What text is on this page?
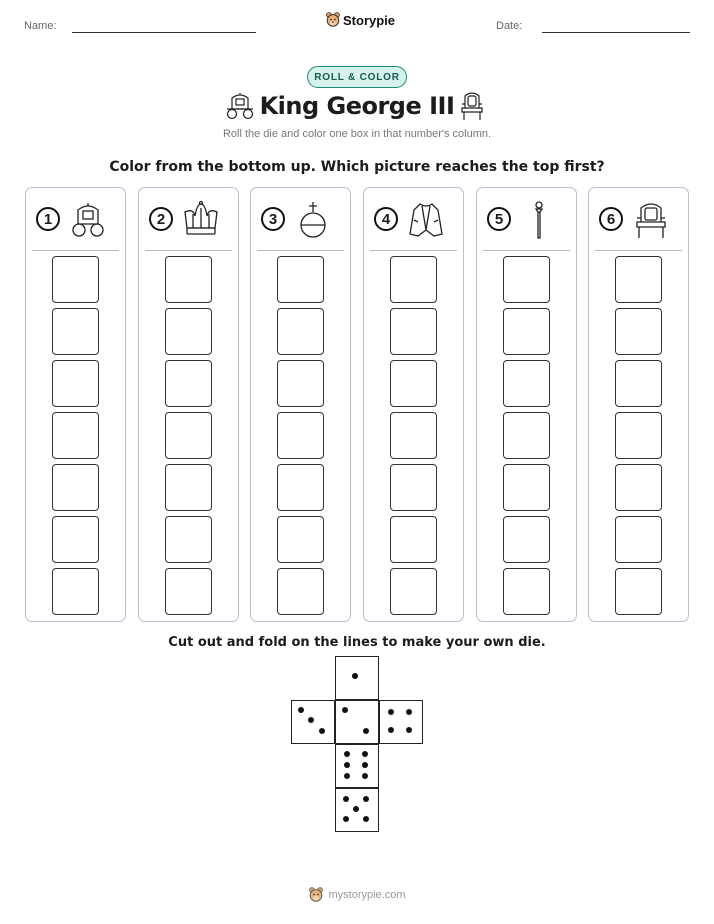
Name:	Storypie	Date:
ROLL & COLOR
King George III
Roll the die and color one box in that number's column.
Color from the bottom up. Which picture reaches the top first?
1	2	3	4	5	6
Cut out and fold on the lines to make your own die.
mystorypie.com
